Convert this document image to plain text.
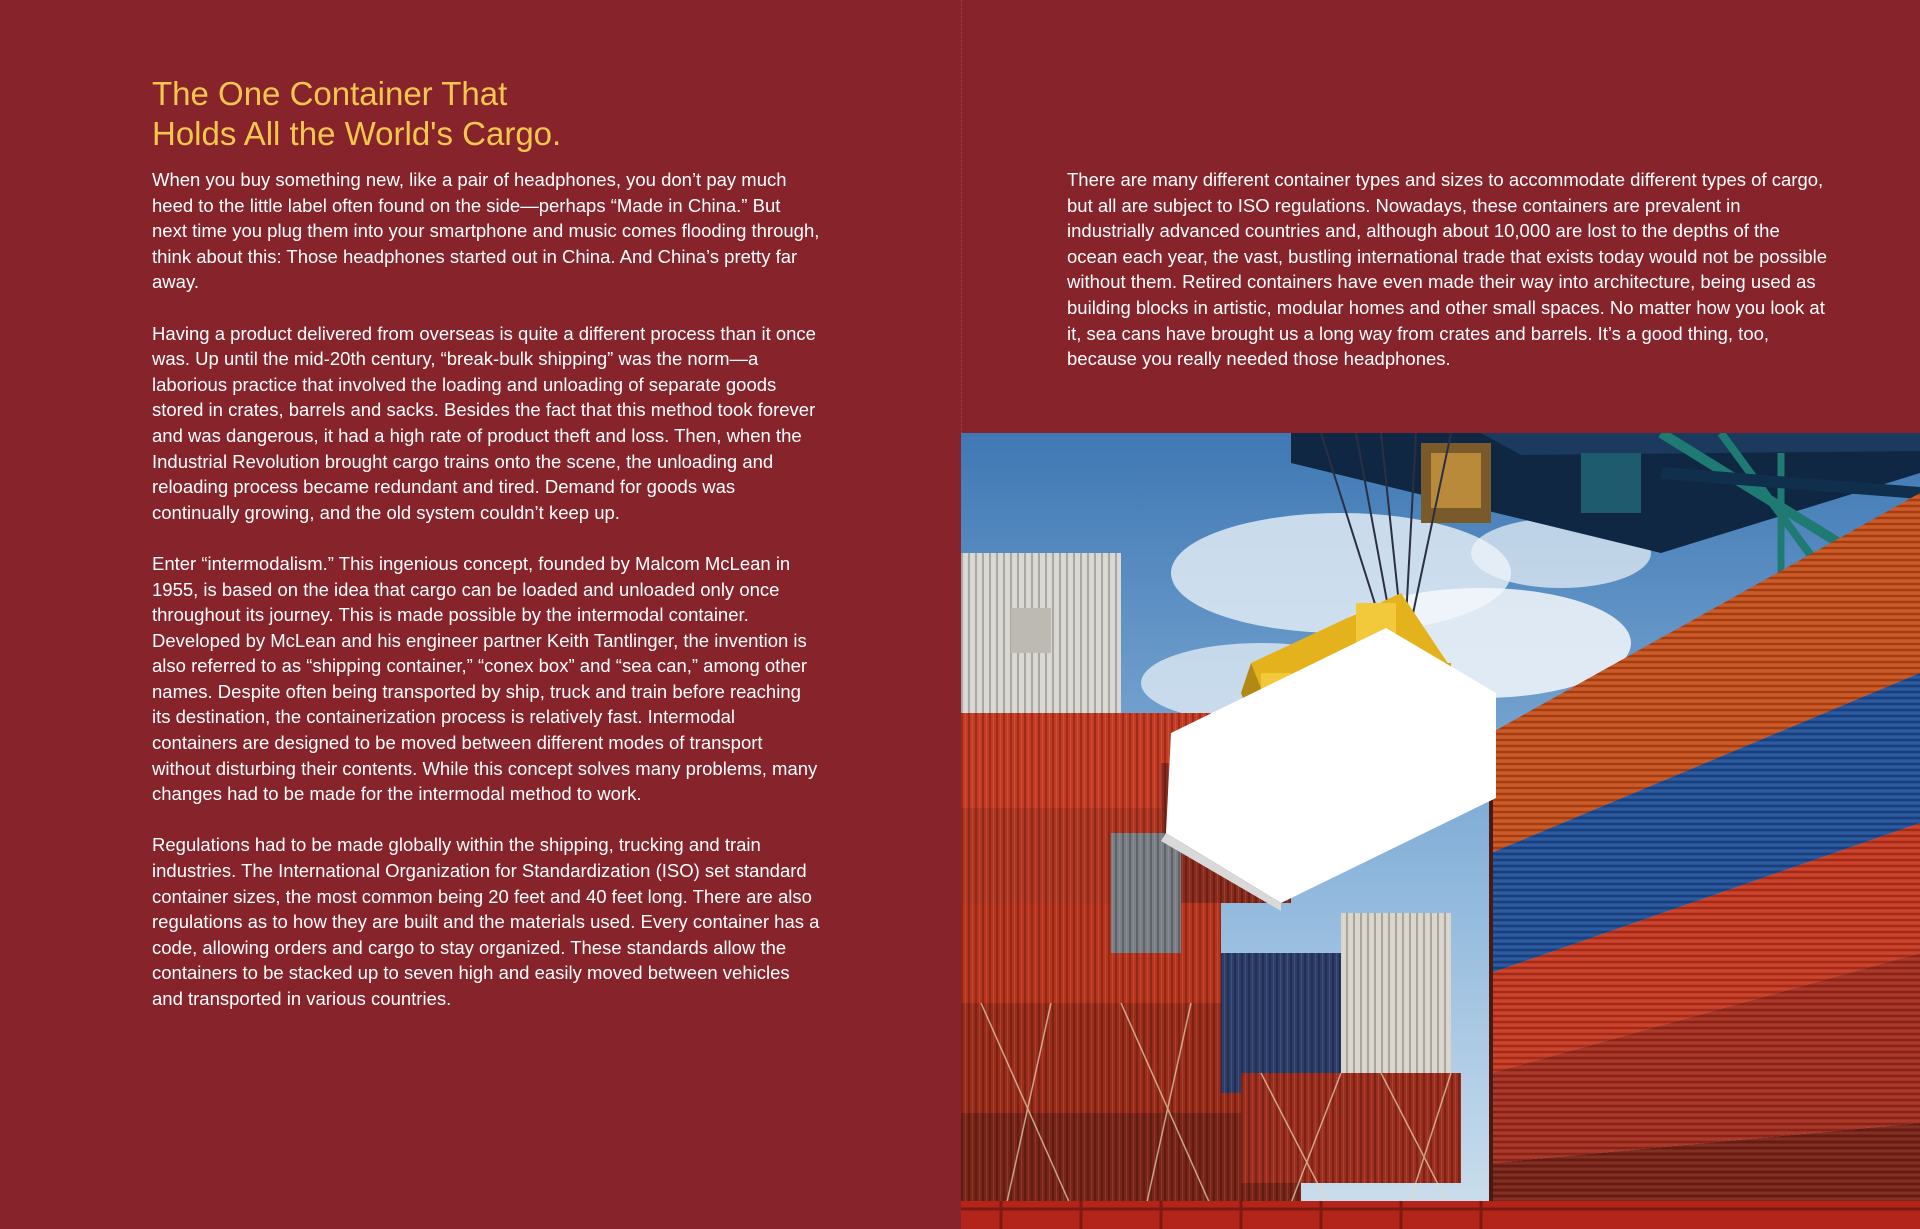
The One Container That
Holds All the World's Cargo.

When you buy something new, like a pair of headphones, you don’t pay much heed to the little label often found on the side—perhaps “Made in China.” But next time you plug them into your smartphone and music comes flooding through, think about this: Those headphones started out in China. And China’s pretty far away.

Having a product delivered from overseas is quite a different process than it once was. Up until the mid-20th century, “break-bulk shipping” was the norm—a laborious practice that involved the loading and unloading of separate goods stored in crates, barrels and sacks. Besides the fact that this method took forever and was dangerous, it had a high rate of product theft and loss. Then, when the Industrial Revolution brought cargo trains onto the scene, the unloading and reloading process became redundant and tired. Demand for goods was continually growing, and the old system couldn’t keep up.

Enter “intermodalism.” This ingenious concept, founded by Malcom McLean in 1955, is based on the idea that cargo can be loaded and unloaded only once throughout its journey. This is made possible by the intermodal container. Developed by McLean and his engineer partner Keith Tantlinger, the invention is also referred to as “shipping container,” “conex box” and “sea can,” among other names. Despite often being transported by ship, truck and train before reaching its destination, the containerization process is relatively fast. Intermodal containers are designed to be moved between different modes of transport without disturbing their contents. While this concept solves many problems, many changes had to be made for the intermodal method to work.

Regulations had to be made globally within the shipping, trucking and train industries. The International Organization for Standardization (ISO) set standard container sizes, the most common being 20 feet and 40 feet long. There are also regulations as to how they are built and the materials used. Every container has a code, allowing orders and cargo to stay organized. These standards allow the containers to be stacked up to seven high and easily moved between vehicles and transported in various countries.

There are many different container types and sizes to accommodate different types of cargo, but all are subject to ISO regulations. Nowadays, these containers are prevalent in industrially advanced countries and, although about 10,000 are lost to the depths of the ocean each year, the vast, bustling international trade that exists today would not be possible without them. Retired containers have even made their way into architecture, being used as building blocks in artistic, modular homes and other small spaces. No matter how you look at it, sea cans have brought us a long way from crates and barrels. It’s a good thing, too, because you really needed those headphones.
